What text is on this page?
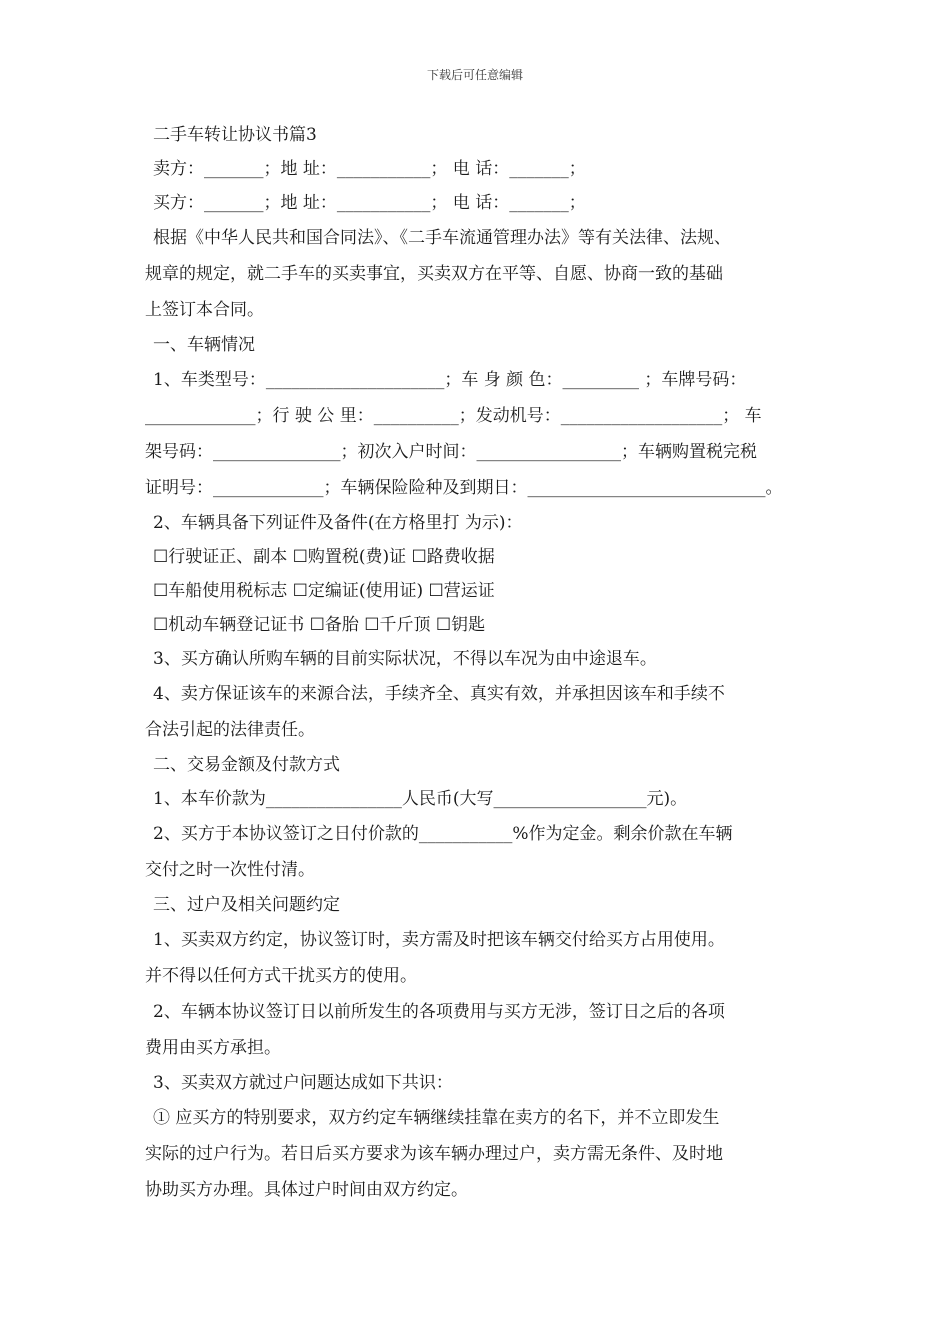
下载后可任意编辑

二手车转让协议书篇3

卖方：_______；地 址：___________； 电 话：_______；

买方：_______；地 址：___________； 电 话：_______；

根据《中华人民共和国合同法》、《二手车流通管理办法》等有关法律、法规、

规章的规定，就二手车的买卖事宜，买卖双方在平等、自愿、协商一致的基础

上签订本合同。

一、车辆情况

1、车类型号：_____________________；车 身 颜 色：_________ ；车牌号码：

_____________；行 驶 公 里：__________；发动机号：___________________； 车

架号码：_______________；初次入户时间：_________________；车辆购置税完税

证明号：_____________；车辆保险险种及到期日：____________________________。

2、车辆具备下列证件及备件(在方格里打 为示)：

☐行驶证正、副本 ☐购置税(费)证 ☐路费收据

☐车船使用税标志 ☐定编证(使用证) ☐营运证

☐机动车辆登记证书 ☐备胎 ☐千斤顶 ☐钥匙

3、买方确认所购车辆的目前实际状况，不得以车况为由中途退车。

4、卖方保证该车的来源合法，手续齐全、真实有效，并承担因该车和手续不

合法引起的法律责任。

二、交易金额及付款方式

1、本车价款为________________人民币(大写__________________元)。

2、买方于本协议签订之日付价款的___________%作为定金。剩余价款在车辆

交付之时一次性付清。

三、过户及相关问题约定

1、买卖双方约定，协议签订时，卖方需及时把该车辆交付给买方占用使用。

并不得以任何方式干扰买方的使用。

2、车辆本协议签订日以前所发生的各项费用与买方无涉，签订日之后的各项

费用由买方承担。

3、买卖双方就过户问题达成如下共识：

① 应买方的特别要求，双方约定车辆继续挂靠在卖方的名下，并不立即发生

实际的过户行为。若日后买方要求为该车辆办理过户，卖方需无条件、及时地

协助买方办理。具体过户时间由双方约定。
